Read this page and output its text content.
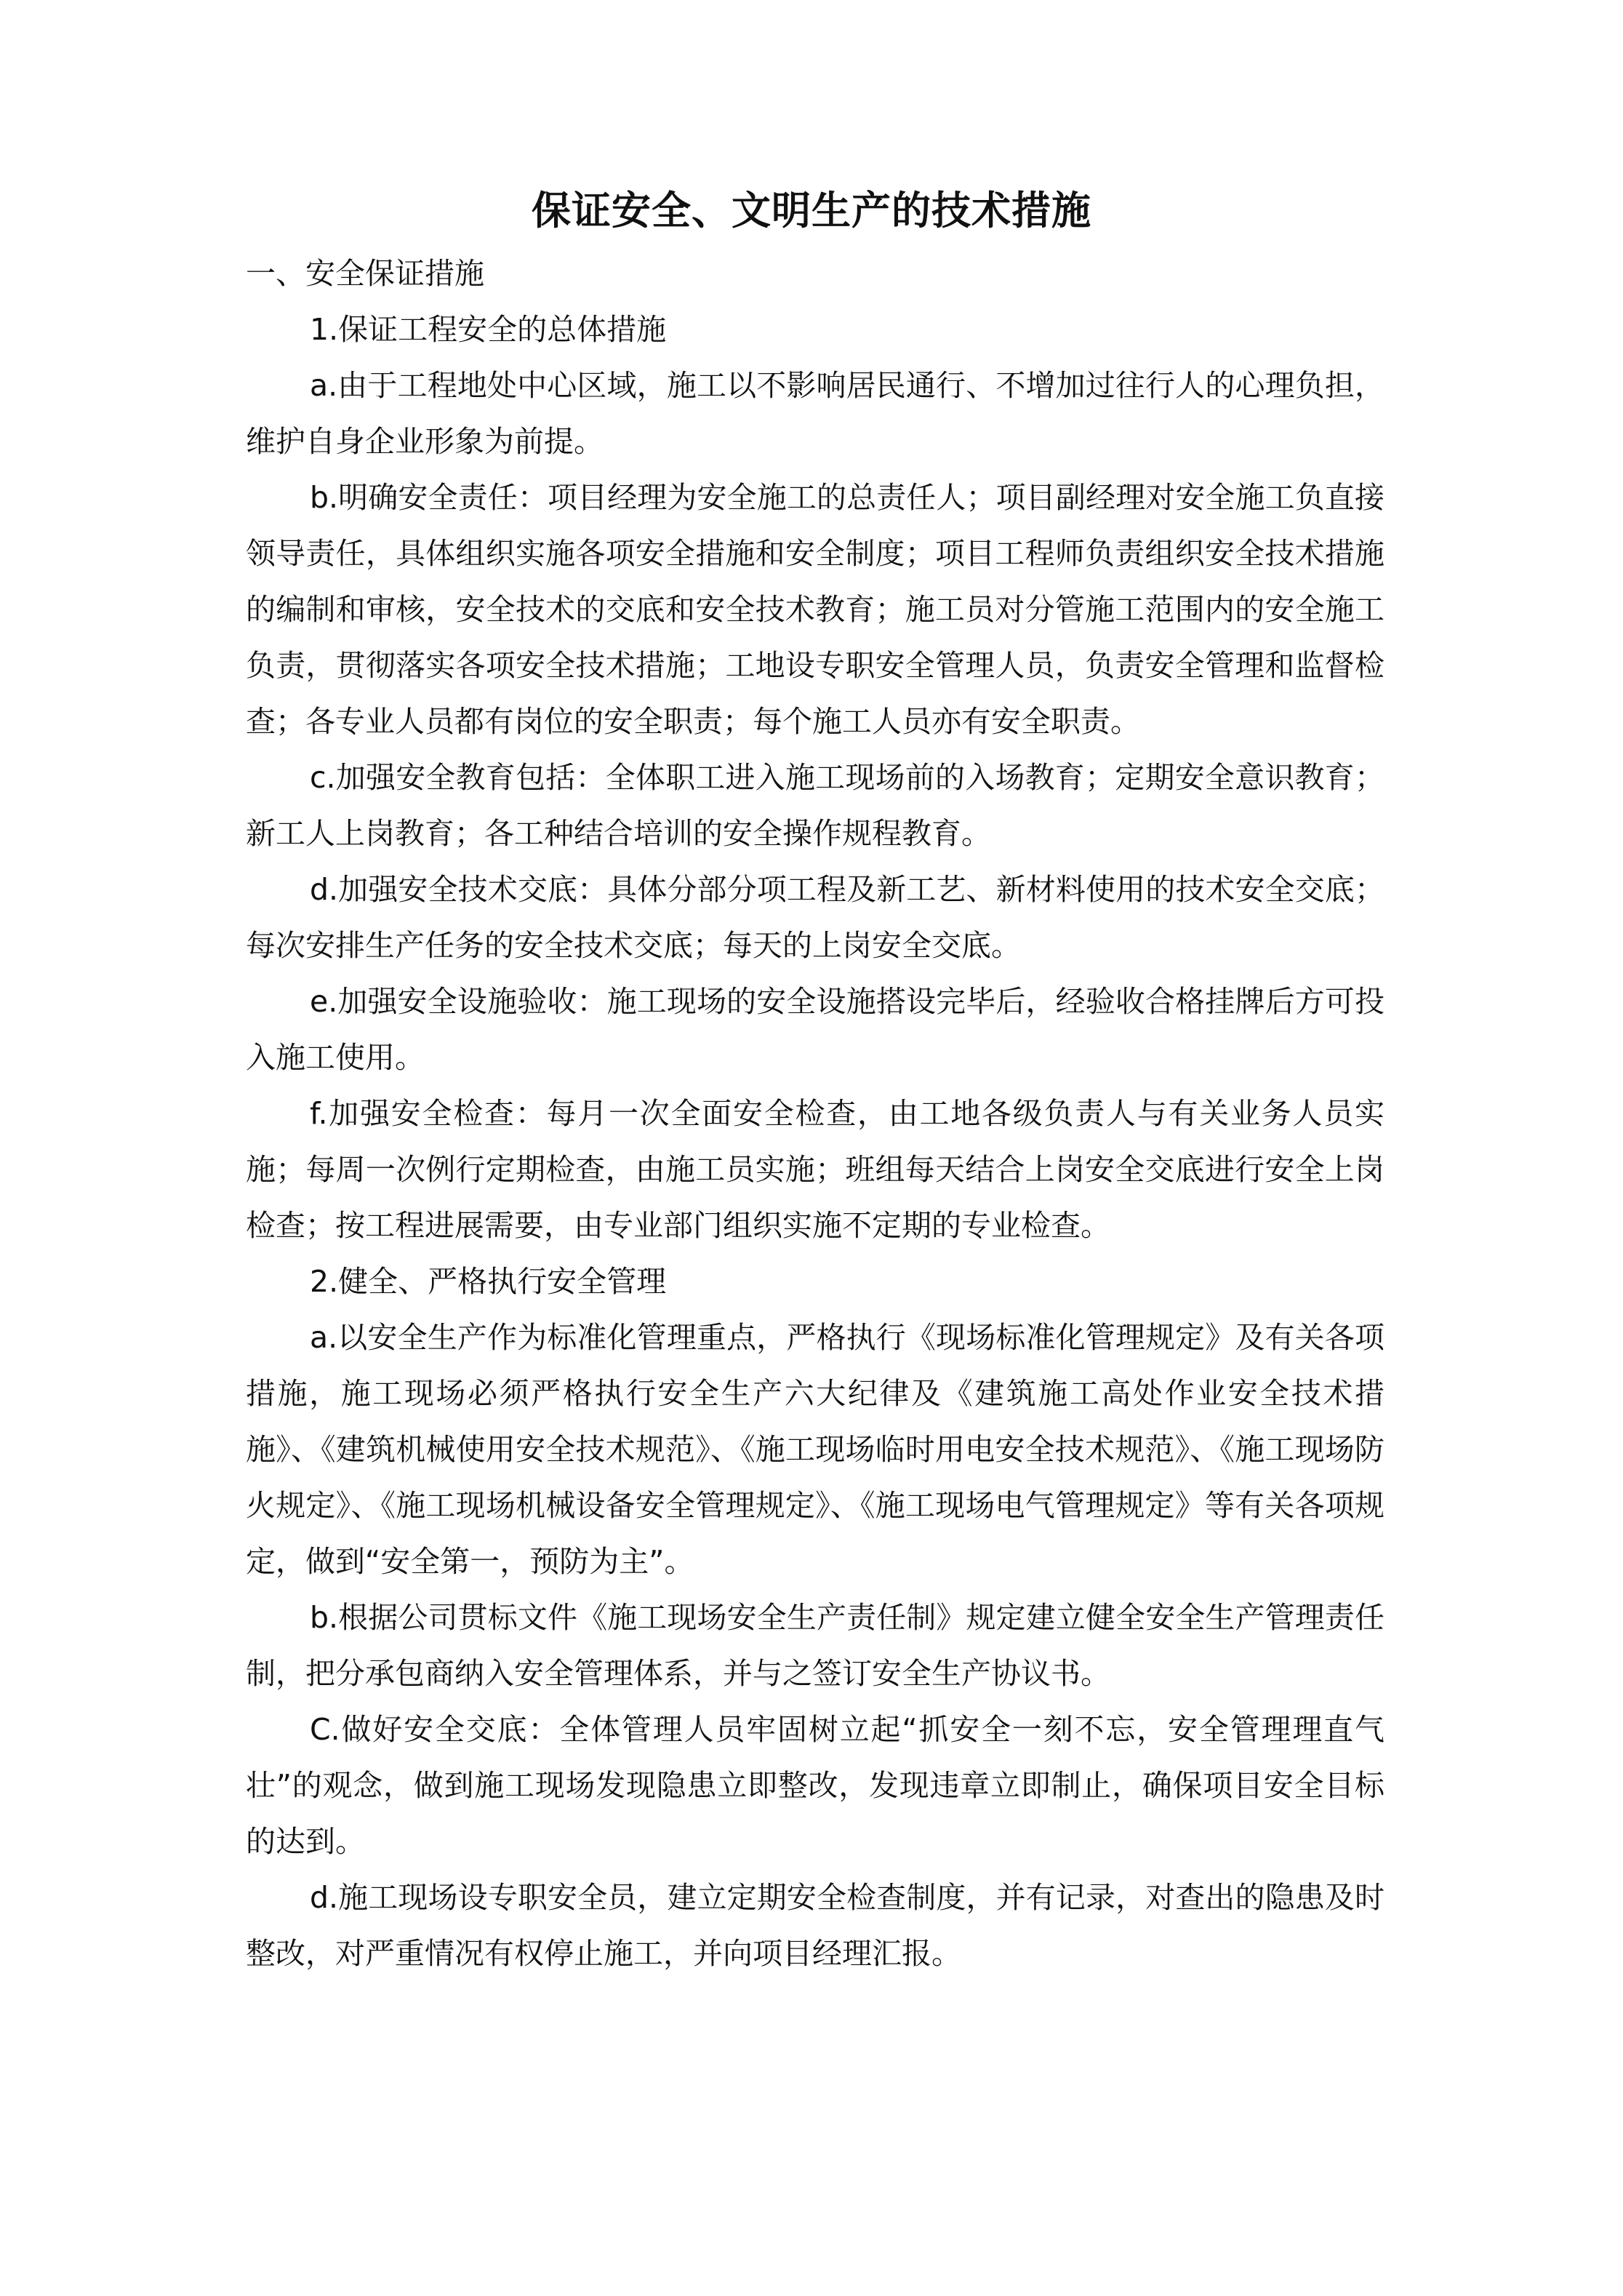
保证安全、文明生产的技术措施

一、安全保证措施

1.保证工程安全的总体措施

a.由于工程地处中心区域，施工以不影响居民通行、不增加过往行人的心理负担，维护自身企业形象为前提。

b.明确安全责任：项目经理为安全施工的总责任人；项目副经理对安全施工负直接领导责任，具体组织实施各项安全措施和安全制度；项目工程师负责组织安全技术措施的编制和审核，安全技术的交底和安全技术教育；施工员对分管施工范围内的安全施工负责，贯彻落实各项安全技术措施；工地设专职安全管理人员，负责安全管理和监督检查；各专业人员都有岗位的安全职责；每个施工人员亦有安全职责。

c.加强安全教育包括：全体职工进入施工现场前的入场教育；定期安全意识教育；新工人上岗教育；各工种结合培训的安全操作规程教育。

d.加强安全技术交底：具体分部分项工程及新工艺、新材料使用的技术安全交底；每次安排生产任务的安全技术交底；每天的上岗安全交底。

e.加强安全设施验收：施工现场的安全设施搭设完毕后，经验收合格挂牌后方可投入施工使用。

f.加强安全检查：每月一次全面安全检查，由工地各级负责人与有关业务人员实施；每周一次例行定期检查，由施工员实施；班组每天结合上岗安全交底进行安全上岗检查；按工程进展需要，由专业部门组织实施不定期的专业检查。

2.健全、严格执行安全管理

a.以安全生产作为标准化管理重点，严格执行《现场标准化管理规定》及有关各项措施，施工现场必须严格执行安全生产六大纪律及《建筑施工高处作业安全技术措施》、《建筑机械使用安全技术规范》、《施工现场临时用电安全技术规范》、《施工现场防火规定》、《施工现场机械设备安全管理规定》、《施工现场电气管理规定》等有关各项规定，做到“安全第一，预防为主”。

b.根据公司贯标文件《施工现场安全生产责任制》规定建立健全安全生产管理责任制，把分承包商纳入安全管理体系，并与之签订安全生产协议书。

C.做好安全交底：全体管理人员牢固树立起“抓安全一刻不忘，安全管理理直气壮”的观念，做到施工现场发现隐患立即整改，发现违章立即制止，确保项目安全目标的达到。

d.施工现场设专职安全员，建立定期安全检查制度，并有记录，对查出的隐患及时整改，对严重情况有权停止施工，并向项目经理汇报。
